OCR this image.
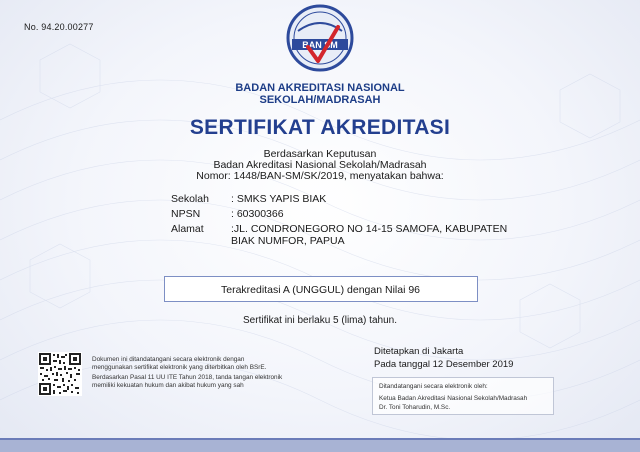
No. 94.20.00277
BAN SM
BADAN AKREDITASI NASIONAL
SEKOLAH/MADRASAH
SERTIFIKAT AKREDITASI
Berdasarkan Keputusan
Badan Akreditasi Nasional Sekolah/Madrasah
Nomor: 1448/BAN-SM/SK/2019, menyatakan bahwa:
Sekolah	: SMKS YAPIS BIAK
NPSN	: 60300366
Alamat	:JL. CONDRONEGORO NO 14-15 SAMOFA, KABUPATEN
BIAK NUMFOR, PAPUA
Terakreditasi A (UNGGUL) dengan Nilai 96
Sertifikat ini berlaku 5 (lima) tahun.
Dokumen ini ditandatangani secara elektronik dengan
menggunakan sertifikat elektronik yang diterbitkan oleh BSrE.
Berdasarkan Pasal 11 UU ITE Tahun 2018, tanda tangan elektronik
memiliki kekuatan hukum dan akibat hukum yang sah
Ditetapkan di Jakarta
Pada tanggal 12 Desember 2019
Ditandatangani secara elektronik oleh:
Ketua Badan Akreditasi Nasional Sekolah/Madrasah
Dr. Toni Toharudin, M.Sc.
